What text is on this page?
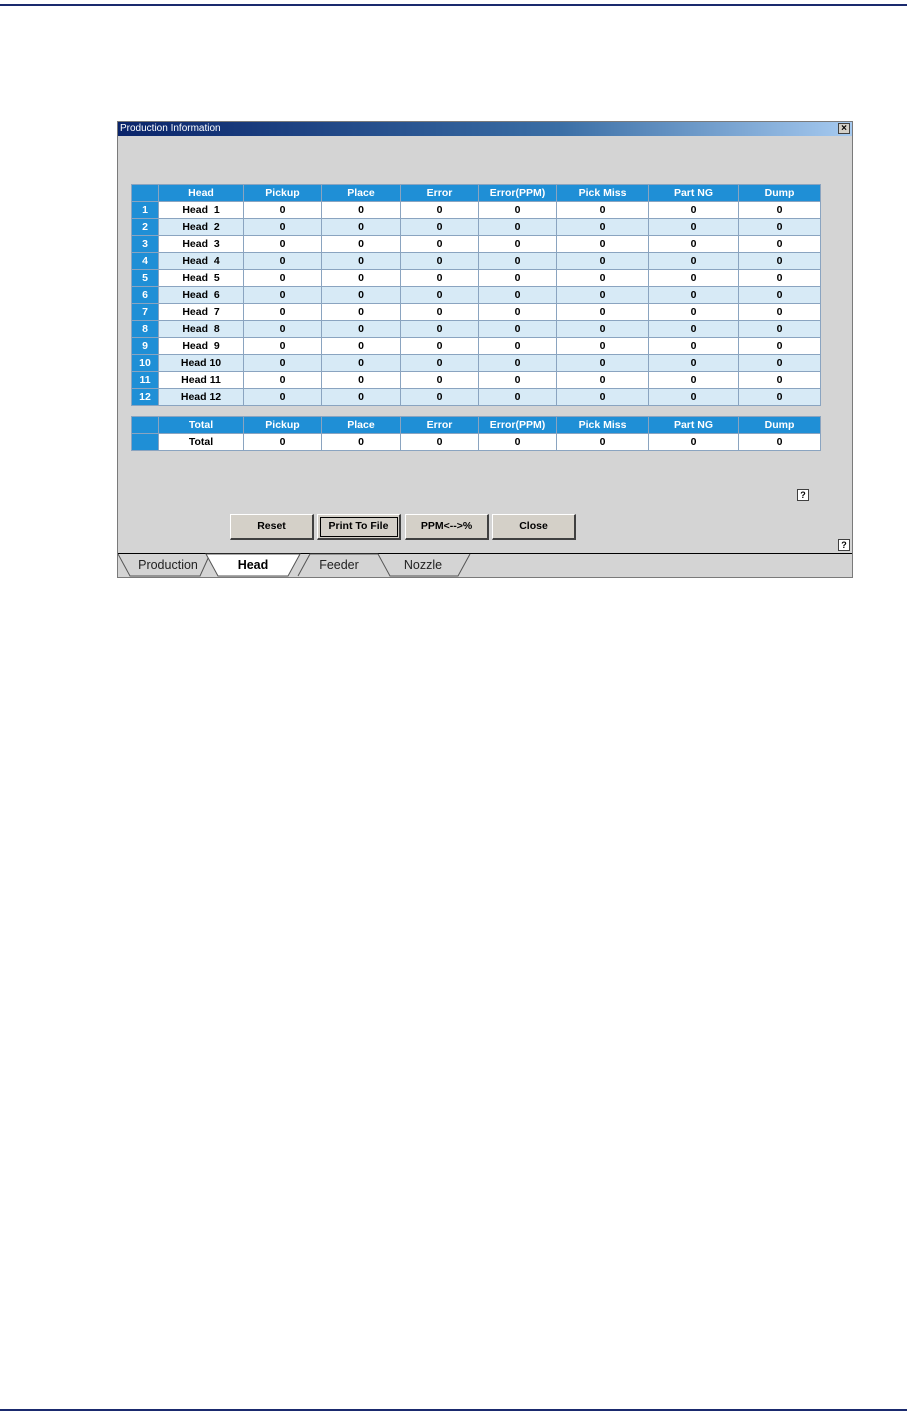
Production Information	×
	Head	Pickup	Place	Error	Error(PPM)	Pick Miss	Part NG	Dump
1	Head  1	0	0	0	0	0	0	0
2	Head  2	0	0	0	0	0	0	0
3	Head  3	0	0	0	0	0	0	0
4	Head  4	0	0	0	0	0	0	0
5	Head  5	0	0	0	0	0	0	0
6	Head  6	0	0	0	0	0	0	0
7	Head  7	0	0	0	0	0	0	0
8	Head  8	0	0	0	0	0	0	0
9	Head  9	0	0	0	0	0	0	0
10	Head 10	0	0	0	0	0	0	0
11	Head 11	0	0	0	0	0	0	0
12	Head 12	0	0	0	0	0	0	0
	Total	Pickup	Place	Error	Error(PPM)	Pick Miss	Part NG	Dump
	Total	0	0	0	0	0	0	0
?
Reset	Print To File	PPM<-->%	Close
?
Production	Head	Feeder	Nozzle
